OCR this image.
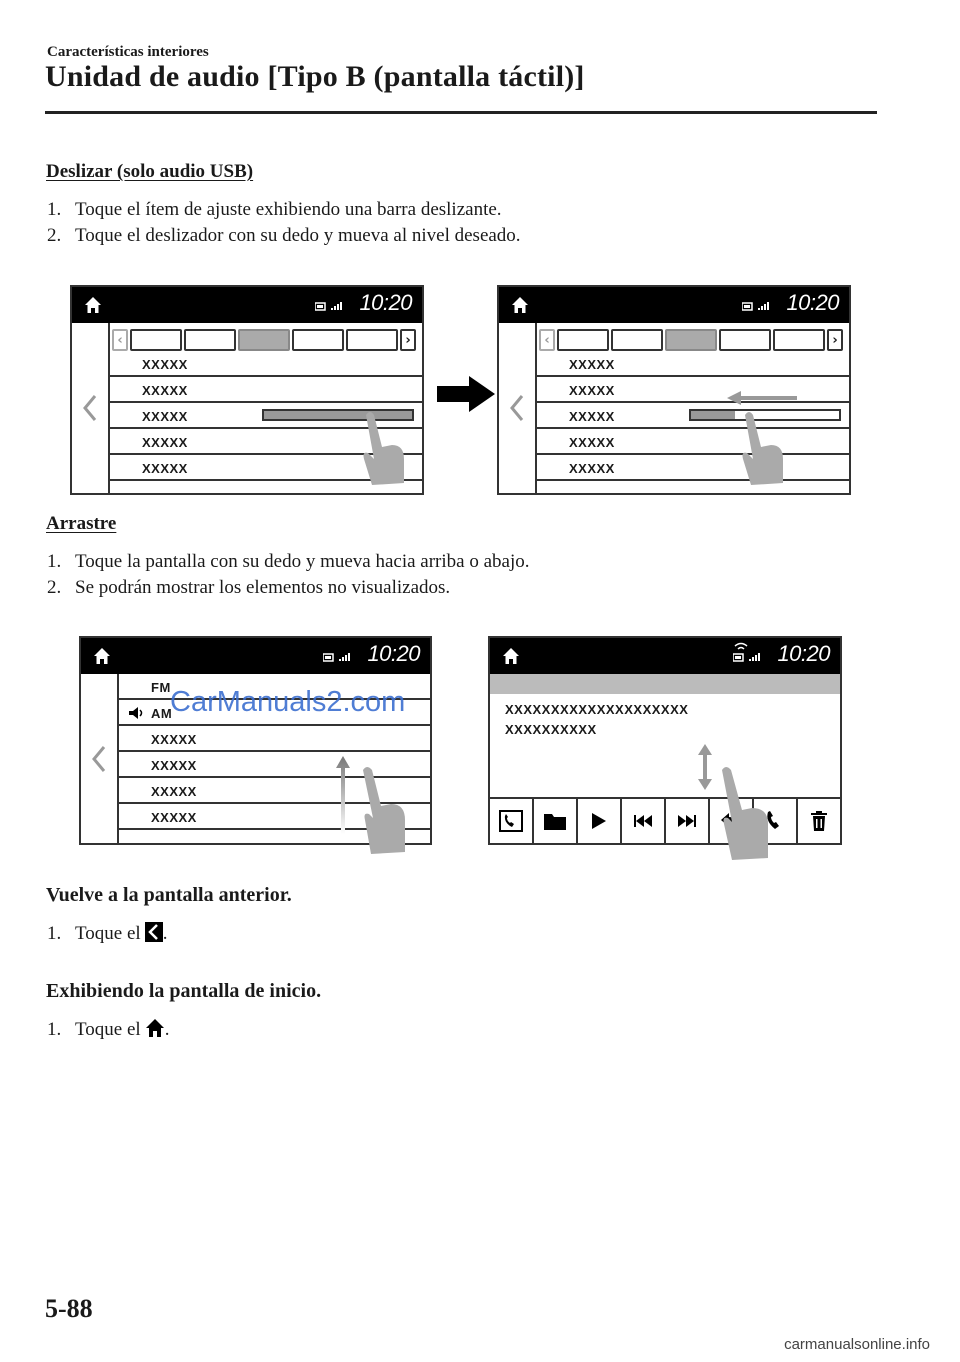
Características interiores
Unidad de audio [Tipo B (pantalla táctil)]
Deslizar (solo audio USB)
1. Toque el ítem de ajuste exhibiendo una barra deslizante.
2. Toque el deslizador con su dedo y mueva al nivel deseado.
10:20
‹	›
XXXXX
XXXXX
XXXXX
XXXXX
XXXXX
10:20
‹	›
XXXXX
XXXXX
XXXXX
XXXXX
XXXXX
Arrastre
1. Toque la pantalla con su dedo y mueva hacia arriba o abajo.
2. Se podrán mostrar los elementos no visualizados.
10:20
FM
AM
XXXXX
XXXXX
XXXXX
XXXXX
CarManuals2.com
10:20
XXXXXXXXXXXXXXXXXXXX
XXXXXXXXXX
Vuelve a la pantalla anterior.
1. Toque el .
Exhibiendo la pantalla de inicio.
1. Toque el .
5-88
carmanualsonline.info
